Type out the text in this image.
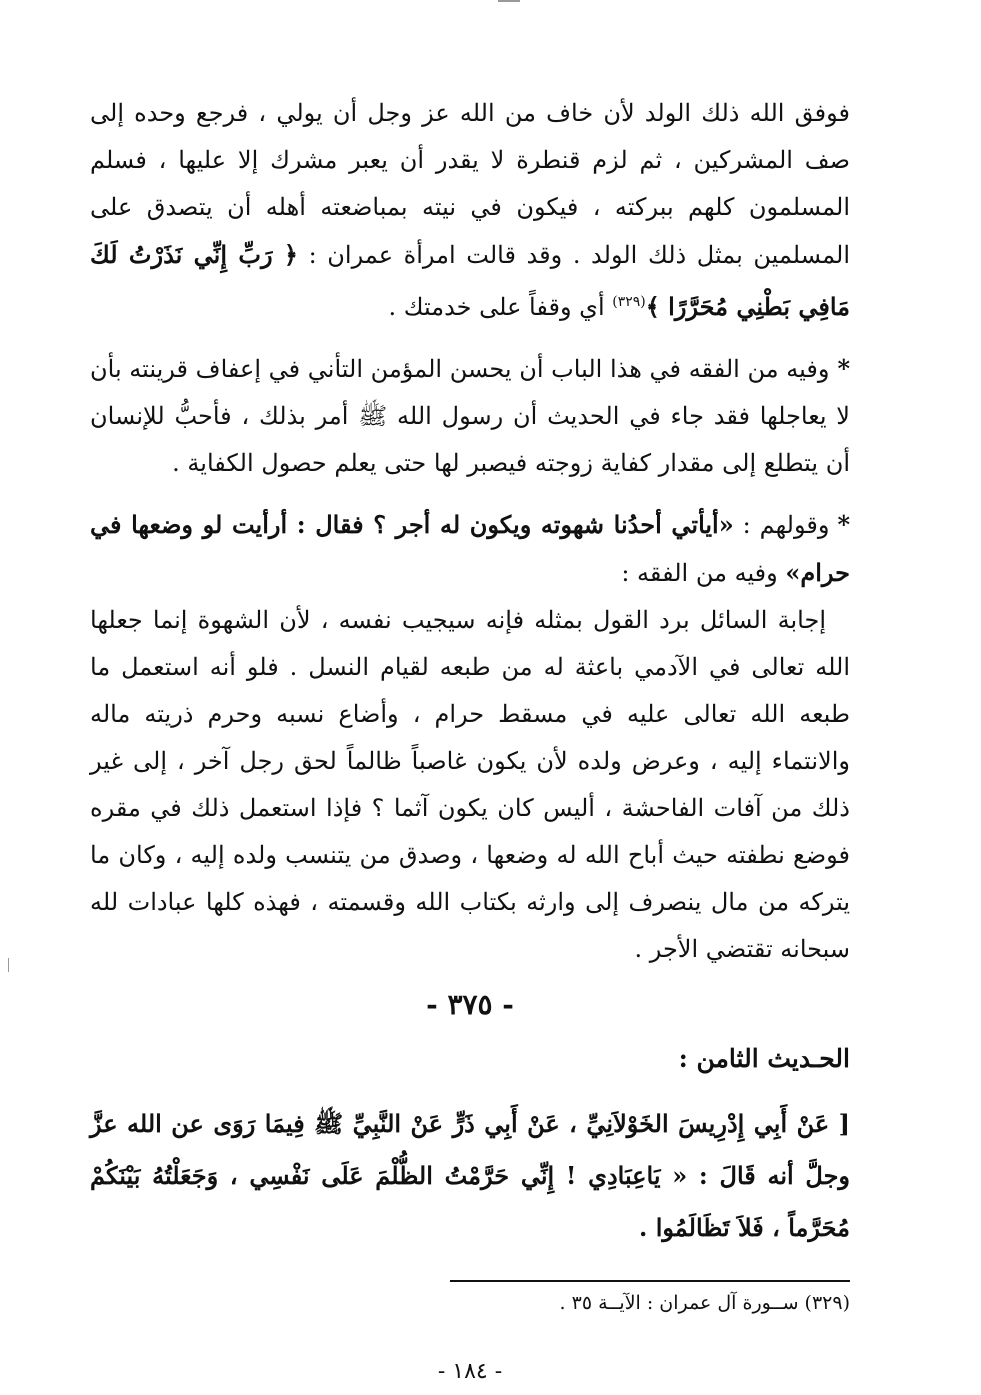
فوفق الله ذلك الولد لأن خاف من الله عز وجل أن يولي ، فرجع وحده إلى صف المشركين ، ثم لزم قنطرة لا يقدر أن يعبر مشرك إلا عليها ، فسلم المسلمون كلهم ببركته ، فيكون في نيته بمباضعته أهله أن يتصدق على المسلمين بمثل ذلك الولد . وقد قالت امرأة عمران : ﴿ رَبِّ إِنِّي نَذَرْتُ لَكَ مَافِي بَطْنِي مُحَرَّرًا ﴾$^{(٣٢٩)}$ أي وقفاً على خدمتك .

*وفيه من الفقه في هذا الباب أن يحسن المؤمن التأني في إعفاف قرينته بأن لا يعاجلها فقد جاء في الحديث أن رسول الله ﷺ أمر بذلك ، فأحبُّ للإنسان أن يتطلع إلى مقدار كفاية زوجته فيصبر لها حتى يعلم حصول الكفاية .

*وقولهم : «أيأتي أحدُنا شهوته ويكون له أجر ؟ فقال : أرأيت لو وضعها في حرام» وفيه من الفقه :

إجابة السائل برد القول بمثله فإنه سيجيب نفسه ، لأن الشهوة إنما جعلها الله تعالى في الآدمي باعثة له من طبعه لقيام النسل . فلو أنه استعمل ما طبعه الله تعالى عليه في مسقط حرام ، وأضاع نسبه وحرم ذريته ماله والانتماء إليه ، وعرض ولده لأن يكون غاصباً ظالماً لحق رجل آخر ، إلى غير ذلك من آفات الفاحشة ، أليس كان يكون آثما ؟ فإذا استعمل ذلك في مقره فوضع نطفته حيث أباح الله له وضعها ، وصدق من يتنسب ولده إليه ، وكان ما يتركه من مال ينصرف إلى وارثه بكتاب الله وقسمته ، فهذه كلها عبادات لله سبحانه تقتضي الأجر .

- ٣٧٥ -
الحـديث الثامن :
[ عَنْ أَبِي إِدْرِيسَ الخَوْلاَنِيِّ ، عَنْ أَبِي ذَرٍّ عَنْ النَّبِيِّ ﷺ فِيمَا رَوَى عن الله عزَّ وجلَّ أنه قَالَ : « يَاعِبَادِي ! إِنِّي حَرَّمْتُ الظُّلْمَ عَلَى نَفْسِي ، وَجَعَلْتُهُ بَيْنَكُمْ مُحَرَّماً ، فَلاَ تَظَالَمُوا .
(٣٢٩) ســورة آل عمران : الآيــة ٣٥ .
- ١٨٤ -
